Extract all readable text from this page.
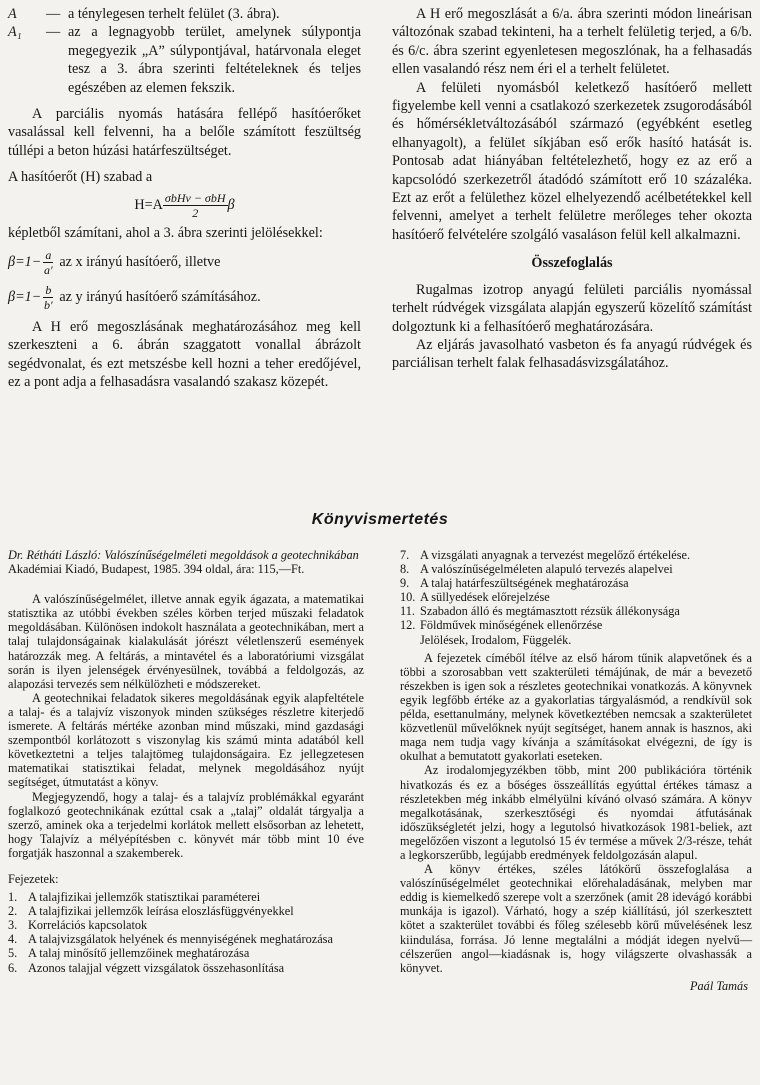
A	— a ténylegesen terhelt felület (3. ábra).
A₁	— az a legnagyobb terület, amelynek súlypontja megegyezik „A” súlypontjával, határvonala eleget tesz a 3. ábra szerinti feltételeknek és teljes egészében az elemen fekszik.

A parciális nyomás hatására fellépő hasítóerőket vasalással kell felvenni, ha a belőle számított feszültség túllépi a beton húzási határfeszültséget.

A hasítóerőt (H) szabad a

$H=A \frac{\text{σbHv − σbH}}{2}$ β

képletből számítani, ahol a 3. ábra szerinti jelölésekkel:

$\beta=1- \frac{a}{a'}$ az x irányú hasítóerő, illetve
$\beta=1- \frac{b}{b'}$ az y irányú hasítóerő számításához.

A H erő megoszlásának meghatározásához meg kell szerkeszteni a 6. ábrán szaggatott vonallal ábrázolt segédvonalat, és ezt metszésbe kell hozni a teher eredőjével, ez a pont adja a felhasadásra vasalandó szakasz közepét.

A H erő megoszlását a 6/a. ábra szerinti módon lineárisan változónak szabad tekinteni, ha a terhelt felületig terjed, a 6/b. és 6/c. ábra szerint egyenletesen megoszlónak, ha a felhasadás ellen vasalandó rész nem éri el a terhelt felületet.

A felületi nyomásból keletkező hasítóerő mellett figyelembe kell venni a csatlakozó szerkezetek zsugorodásából és hőmérsékletváltozásából származó (egyébként esetleg elhanyagolt), a felület síkjában eső erők hasító hatását is. Pontosab adat hiányában feltételezhető, hogy ez az erő a kapcsolódó szerkezetről átadódó számított erő 10 százaléka. Ezt az erőt a felülethez közel elhelyezendő acélbetétekkel kell felvenni, amelyet a terhelt felületre merőleges teher okozta hasítóerő felvételére szolgáló vasaláson felül kell alkalmazni.

Összefoglalás

Rugalmas izotrop anyagú felületi parciális nyomással terhelt rúdvégek vizsgálata alapján egyszerű közelítő számítást dolgoztunk ki a felhasítóerő meghatározására.

Az eljárás javasolható vasbeton és fa anyagú rúdvégek és parciálisan terhelt falak felhasadásvizsgálatához.

Könyvismertetés

Dr. Rétháti László: Valószínűségelméleti megoldások a geotechnikában

Akadémiai Kiadó, Budapest, 1985. 394 oldal, ára: 115,—Ft.

A valószínűségelmélet, illetve annak egyik ágazata, a matematikai statisztika az utóbbi években széles körben terjed műszaki feladatok megoldásában. Különösen indokolt használata a geotechnikában, mert a talaj tulajdonságainak kialakulását jórészt véletlenszerű események határozzák meg. A feltárás, a mintavétel és a laboratóriumi vizsgálat során is ilyen jelenségek érvényesülnek, továbbá a feldolgozás, az alapozási tervezés sem nélkülözheti e módszereket.

A geotechnikai feladatok sikeres megoldásának egyik alapfeltétele a talaj- és a talajvíz viszonyok minden szükséges részletre kiterjedő ismerete. A feltárás mértéke azonban mind műszaki, mind gazdasági szempontból korlátozott s viszonylag kis számú minta adatából kell következtetni a teljes talajtömeg tulajdonságaira. Ez jellegzetesen matematikai statisztikai feladat, melynek megoldásához nyújt segítséget, útmutatást a könyv.

Megjegyzendő, hogy a talaj- és a talajvíz problémákkal egyaránt foglalkozó geotechnikának ezúttal csak a „talaj” oldalát tárgyalja a szerző, aminek oka a terjedelmi korlátok mellett elsősorban az lehetett, hogy Talajvíz a mélyépítésben c. könyvét már több mint 10 éve forgatják haszonnal a szakemberek.

Fejezetek:

1. A talajfizikai jellemzők statisztikai paraméterei
2. A talajfizikai jellemzők leírása eloszlásfüggvényekkel
3. Korrelációs kapcsolatok
4. A talajvizsgálatok helyének és mennyiségének meghatározása
5. A talaj minősítő jellemzőinek meghatározása
6. Azonos talajjal végzett vizsgálatok összehasonlítása
7. A vizsgálati anyagnak a tervezést megelőző értékelése.
8. A valószínűségelméleten alapuló tervezés alapelvei
9. A talaj határfeszültségének meghatározása
10. A süllyedések előrejelzése
11. Szabadon álló és megtámasztott rézsük állékonysága
12. Földművek minőségének ellenőrzése

Jelölések, Irodalom, Függelék.

A fejezetek címéből ítélve az első három tűnik alapvetőnek és a többi a szorosabban vett szakterületi témájúnak, de már a bevezető részekben is igen sok a részletes geotechnikai vonatkozás. A könyvnek egyik legfőbb értéke az a gyakorlatias tárgyalásmód, a rendkívül sok példa, esettanulmány, melynek következtében nemcsak a szakterületet közvetlenül művelőknek nyújt segítséget, hanem annak is hasznos, aki maga nem tudja vagy kívánja a számításokat elvégezni, de így is okulhat a bemutatott gyakorlati eseteken.

Az irodalomjegyzékben több, mint 200 publikációra történik hivatkozás és ez a bőséges összeállítás egyúttal értékes támasz a részletekben még inkább elmélyülni kívánó olvasó számára. A könyv megalkotásának, szerkesztőségi és nyomdai átfutásának időszükségletét jelzi, hogy a legutolsó hivatkozások 1981-beliek, azt megelőzően viszont a legutolsó 15 év termése a művek 2/3-része, tehát a legkorszerűbb, legújabb eredmények feldolgozásán alapul.

A könyv értékes, széles látókörű összefoglalása a valószínűségelmélet geotechnikai előrehaladásának, melyben mar eddig is kiemelkedő szerepe volt a szerzőnek (amit 28 idevágó korábbi munkája is igazol). Várható, hogy a szép kiállítású, jól szerkesztett kötet a szakterület további és főleg szélesebb körű művelésének lesz kiindulása, forrása. Jó lenne megtalálni a módját idegen nyelvű—célszerűen angol—kiadásnak is, hogy világszerte olvashassák a könyvet.

Paál Tamás
